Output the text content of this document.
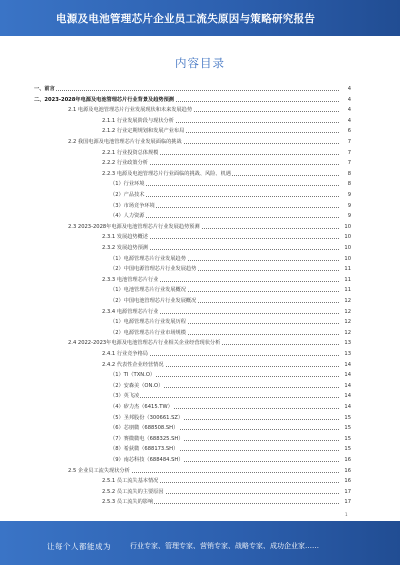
电源及电池管理芯片企业员工流失原因与策略研究报告
内容目录
一、前言	4
二、2023-2028年电源及电池管理芯片行业背景及趋势预测	4
2.1 电源及电池管理芯片行业发展现状和未来发展趋势	4
2.1.1 行业发展阶段与现状分析	4
2.1.2 行业定期规划和发展产业布局	6
2.2 我国电源及电池管理芯片行业发展面临的挑战	7
2.2.1 行业投资总体规模	7
2.2.2 行业政策分析	7
2.2.3 电源及电池管理芯片行业面临的挑战、风险、机遇	8
（1）行业环境	8
（2）产品技术	9
（3）市场竞争环境	9
（4）人力资源	9
2.3 2023-2028年电源及电池管理芯片行业发展趋势预测	10
2.3.1 发展趋势概述	10
2.3.2 发展趋势预测	10
（1）电源管理芯片行业发展趋势	10
（2）中国电源管理芯片行业发展趋势	11
2.3.3 电池管理芯片行业	11
（1）电池管理芯片行业发展概况	11
（2）中国电池管理芯片行业发展概况	12
2.3.4 电源管理芯片行业	12
（1）电源管理芯片行业发展历程	12
（2）电源管理芯片行业市场规模	12
2.4 2022-2023年电源及电池管理芯片行业相关企业经营现状分析	13
2.4.1 行业竞争格局	13
2.4.2 代表性企业经营情况	14
（1）TI（TXN.O）	14
（2）安森美（ON.O）	14
（3）英飞凌	14
（4）矽力杰（6415.TW）	14
（5）圣邦股份（300661.SZ）	15
（6）芯朋微（688508.SH）	15
（7）赛微微电（688325.SH）	15
（8）希荻微（688173.SH）	15
（9）南芯科技（688484.SH）	16
2.5 企业员工流失现状分析	16
2.5.1 员工流失基本情况	16
2.5.2 员工流失的主要原因	17
2.5.3 员工流失的影响	17
1
让每个人都能成为	行业专家、管理专家、营销专家、战略专家、成功企业家……
